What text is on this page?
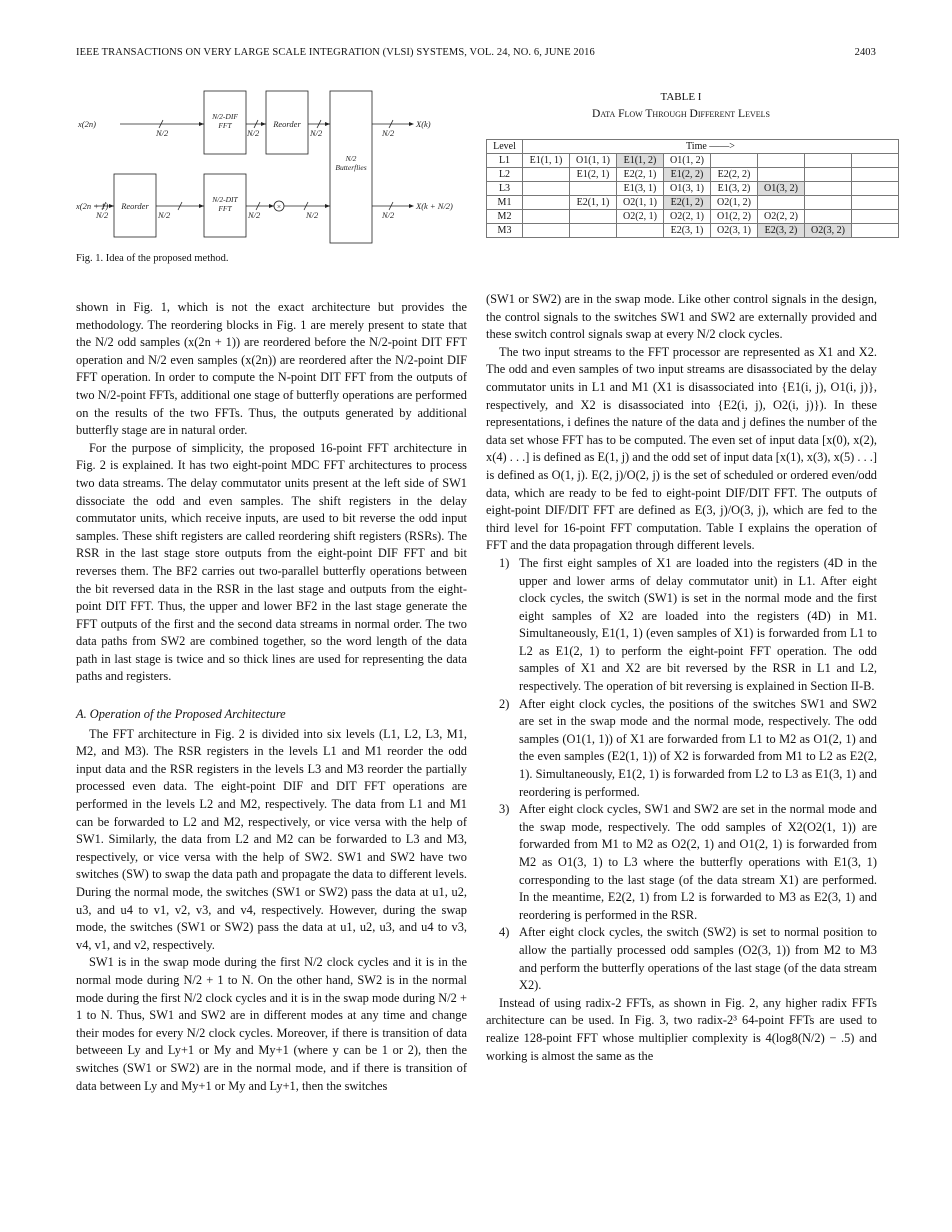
IEEE TRANSACTIONS ON VERY LARGE SCALE INTEGRATION (VLSI) SYSTEMS, VOL. 24, NO. 6, JUNE 2016	2403
x(2n)
x(2n + 1)
X(k)
X(k + N/2)
N/2	N/2	N/2	N/2
N/2	N/2	N/2	N/2	N/2
N/2-DIF
FFT	Reorder
N/2
Butterflies
Reorder
N/2-DIT
FFT	×
Fig. 1. Idea of the proposed method.
TABLE I
Data Flow Through Different Levels
Level	Time ——>							
L1	E1(1, 1)	O1(1, 1)	E1(1, 2)	O1(1, 2)				
L2		E1(2, 1)	E2(2, 1)	E1(2, 2)	E2(2, 2)			
L3			E1(3, 1)	O1(3, 1)	E1(3, 2)	O1(3, 2)		
M1		E2(1, 1)	O2(1, 1)	E2(1, 2)	O2(1, 2)			
M2			O2(2, 1)	O2(2, 1)	O1(2, 2)	O2(2, 2)		
M3				E2(3, 1)	O2(3, 1)	E2(3, 2)	O2(3, 2)	

shown in Fig. 1, which is not the exact architecture but provides the methodology. The reordering blocks in Fig. 1 are merely present to state that the N/2 odd samples (x(2n + 1)) are reordered before the N/2-point DIT FFT operation and N/2 even samples (x(2n)) are reordered after the N/2-point DIF FFT operation. In order to compute the N-point DIT FFT from the outputs of two N/2-point FFTs, additional one stage of butterfly operations are performed on the results of the two FFTs. Thus, the outputs generated by additional butterfly stage are in natural order.

For the purpose of simplicity, the proposed 16-point FFT architecture in Fig. 2 is explained. It has two eight-point MDC FFT architectures to process two data streams. The delay commutator units present at the left side of SW1 dissociate the odd and even samples. The shift registers in the delay commutator units, which receive inputs, are used to bit reverse the odd input samples. These shift registers are called reordering shift registers (RSRs). The RSR in the last stage store outputs from the eight-point DIF FFT and bit reverses them. The BF2 carries out two-parallel butterfly operations between the bit reversed data in the RSR in the last stage and outputs from the eight-point DIT FFT. Thus, the upper and lower BF2 in the last stage generate the FFT outputs of the first and the second data streams in normal order. The two data paths from SW2 are combined together, so the word length of the data path in last stage is twice and so thick lines are used for representing the data paths and registers.

A. Operation of the Proposed Architecture

The FFT architecture in Fig. 2 is divided into six levels (L1, L2, L3, M1, M2, and M3). The RSR registers in the levels L1 and M1 reorder the odd input data and the RSR registers in the levels L3 and M3 reorder the partially processed even data. The eight-point DIF and DIT FFT operations are performed in the levels L2 and M2, respectively. The data from L1 and M1 can be forwarded to L2 and M2, respectively, or vice versa with the help of SW1. Similarly, the data from L2 and M2 can be forwarded to L3 and M3, respectively, or vice versa with the help of SW2. SW1 and SW2 have two switches (SW) to swap the data path and propagate the data to different levels. During the normal mode, the switches (SW1 or SW2) pass the data at u1, u2, u3, and u4 to v1, v2, v3, and v4, respectively. However, during the swap mode, the switches (SW1 or SW2) pass the data at u1, u2, u3, and u4 to v3, v4, v1, and v2, respectively.

SW1 is in the swap mode during the first N/2 clock cycles and it is in the normal mode during N/2 + 1 to N. On the other hand, SW2 is in the normal mode during the first N/2 clock cycles and it is in the swap mode during N/2 + 1 to N. Thus, SW1 and SW2 are in different modes at any time and change their modes for every N/2 clock cycles. Moreover, if there is transition of data betweeen Ly and Ly+1 or My and My+1 (where y can be 1 or 2), then the switches (SW1 or SW2) are in the normal mode, and if there is transition of data between Ly and My+1 or My and Ly+1, then the switches

(SW1 or SW2) are in the swap mode. Like other control signals in the design, the control signals to the switches SW1 and SW2 are externally provided and these switch control signals swap at every N/2 clock cycles.

The two input streams to the FFT processor are represented as X1 and X2. The odd and even samples of two input streams are disassociated by the delay commutator units in L1 and M1 (X1 is disassociated into {E1(i, j), O1(i, j)}, respectively, and X2 is disassociated into {E2(i, j), O2(i, j)}). In these representations, i defines the nature of the data and j defines the number of the data set whose FFT has to be computed. The even set of input data [x(0), x(2), x(4) . . .] is defined as E(1, j) and the odd set of input data [x(1), x(3), x(5) . . .] is defined as O(1, j). E(2, j)/O(2, j) is the set of scheduled or ordered even/odd data, which are ready to be fed to eight-point DIF/DIT FFT. The outputs of eight-point DIF/DIT FFT are defined as E(3, j)/O(3, j), which are fed to the third level for 16-point FFT computation. Table I explains the operation of FFT and the data propagation through different levels.

1) The first eight samples of X1 are loaded into the registers (4D in the upper and lower arms of delay commutator unit) in L1. After eight clock cycles, the switch (SW1) is set in the normal mode and the first eight samples of X2 are loaded into the registers (4D) in M1. Simultaneously, E1(1, 1) (even samples of X1) is forwarded from L1 to L2 as E1(2, 1) to perform the eight-point FFT operation. The odd samples of X1 and X2 are bit reversed by the RSR in L1 and L2, respectively. The operation of bit reversing is explained in Section II-B.
2) After eight clock cycles, the positions of the switches SW1 and SW2 are set in the swap mode and the normal mode, respectively. The odd samples (O1(1, 1)) of X1 are forwarded from L1 to M2 as O1(2, 1) and the even samples (E2(1, 1)) of X2 is forwarded from M1 to L2 as E2(2, 1). Simultaneously, E1(2, 1) is forwarded from L2 to L3 as E1(3, 1) and reordering is performed.
3) After eight clock cycles, SW1 and SW2 are set in the normal mode and the swap mode, respectively. The odd samples of X2(O2(1, 1)) are forwarded from M1 to M2 as O2(2, 1) and O1(2, 1) is forwarded from M2 as O1(3, 1) to L3 where the butterfly operations with E1(3, 1) corresponding to the last stage (of the data stream X1) are performed. In the meantime, E2(2, 1) from L2 is forwarded to M3 as E2(3, 1) and reordering is performed in the RSR.
4) After eight clock cycles, the switch (SW2) is set to normal position to allow the partially processed odd samples (O2(3, 1)) from M2 to M3 and perform the butterfly operations of the last stage (of the data stream X2).

Instead of using radix-2 FFTs, as shown in Fig. 2, any higher radix FFTs architecture can be used. In Fig. 3, two radix-2³ 64-point FFTs are used to realize 128-point FFT whose multiplier complexity is 4(log8(N/2) − .5) and working is almost the same as the
